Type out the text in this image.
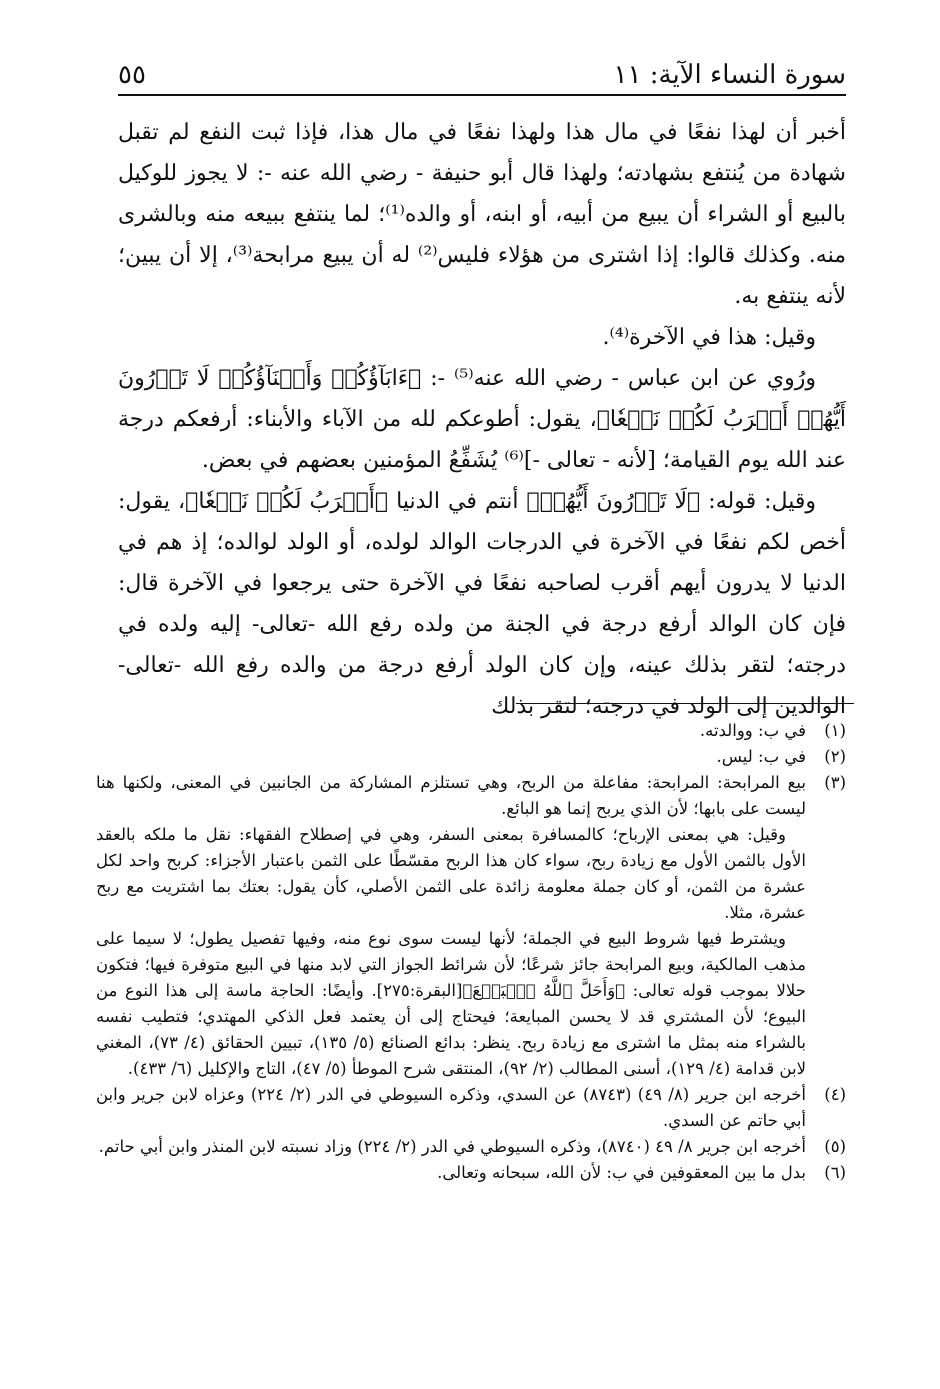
سورة النساء الآية: ١١
٥٥

أخبر أن لهذا نفعًا في مال هذا ولهذا نفعًا في مال هذا، فإذا ثبت النفع لم تقبل شهادة من يُنتفع بشهادته؛ ولهذا قال أبو حنيفة - رضي الله عنه -: لا يجوز للوكيل بالبيع أو الشراء أن يبيع من أبيه، أو ابنه، أو والده⁽¹⁾؛ لما ينتفع ببيعه منه وبالشرى منه. وكذلك قالوا: إذا اشترى من هؤلاء فليس⁽²⁾ له أن يبيع مرابحة⁽³⁾، إلا أن يبين؛ لأنه ينتفع به.

وقيل: هذا في الآخرة⁽⁴⁾.

ورُوي عن ابن عباس - رضي الله عنه⁽⁵⁾ -: ﴿ءَابَآؤُكُمۡ وَأَبۡنَآؤُكُمۡ لَا تَدۡرُونَ أَيُّهُمۡ أَقۡرَبُ لَكُمۡ نَفۡعٗا﴾، يقول: أطوعكم لله من الآباء والأبناء: أرفعكم درجة عند الله يوم القيامة؛ [لأنه - تعالى -]⁽⁶⁾ يُشَفِّعُ المؤمنين بعضهم في بعض.

وقيل: قوله: ﴿لَا تَدۡرُونَ أَيُّهُمۡ﴾ أنتم في الدنيا ﴿أَقۡرَبُ لَكُمۡ نَفۡعٗا﴾، يقول: أخص لكم نفعًا في الآخرة في الدرجات الوالد لولده، أو الولد لوالده؛ إذ هم في الدنيا لا يدرون أيهم أقرب لصاحبه نفعًا في الآخرة حتى يرجعوا في الآخرة قال: فإن كان الوالد أرفع درجة في الجنة من ولده رفع الله -تعالى- إليه ولده في درجته؛ لتقر بذلك عينه، وإن كان الولد أرفع درجة من والده رفع الله -تعالى- الوالدين إلى الولد في درجته؛ لتقر بذلك

(١)

في ب: ووالدته.

(٢)

في ب: ليس.

(٣)

بيع المرابحة: المرابحة: مفاعلة من الربح، وهي تستلزم المشاركة من الجانبين في المعنى، ولكنها هنا ليست على بابها؛ لأن الذي يربح إنما هو البائع.

وقيل: هي بمعنى الإرباح؛ كالمسافرة بمعنى السفر، وهي في إصطلاح الفقهاء: نقل ما ملكه بالعقد الأول بالثمن الأول مع زيادة ربح، سواء كان هذا الربح مقسّطًا على الثمن باعتبار الأجزاء: كربح واحد لكل عشرة من الثمن، أو كان جملة معلومة زائدة على الثمن الأصلي، كأن يقول: بعتك بما اشتريت مع ربح عشرة، مثلا.

ويشترط فيها شروط البيع في الجملة؛ لأنها ليست سوى نوع منه، وفيها تفصيل يطول؛ لا سيما على مذهب المالكية، وبيع المرابحة جائز شرعًا؛ لأن شرائط الجواز التي لابد منها في البيع متوفرة فيها؛ فتكون حلالا بموجب قوله تعالى: ﴿وَأَحَلَّ ٱللَّهُ ٱلۡبَيۡعَ﴾[البقرة:٢٧٥]. وأيضًا: الحاجة ماسة إلى هذا النوع من البيوع؛ لأن المشتري قد لا يحسن المبايعة؛ فيحتاج إلى أن يعتمد فعل الذكي المهتدي؛ فتطيب نفسه بالشراء منه بمثل ما اشترى مع زيادة ربح. ينظر: بدائع الصنائع (٥/ ١٣٥)، تبيين الحقائق (٤/ ٧٣)، المغني لابن قدامة (٤/ ١٢٩)، أسنى المطالب (٢/ ٩٢)، المنتقى شرح الموطأ (٥/ ٤٧)، التاج والإكليل (٦/ ٤٣٣).

(٤)

أخرجه ابن جرير (٨/ ٤٩) (٨٧٤٣) عن السدي، وذكره السيوطي في الدر (٢/ ٢٢٤) وعزاه لابن جرير وابن أبي حاتم عن السدي.

(٥)

أخرجه ابن جرير ٨/ ٤٩ (٨٧٤٠)، وذكره السيوطي في الدر (٢/ ٢٢٤) وزاد نسبته لابن المنذر وابن أبي حاتم.

(٦)

بدل ما بين المعقوفين في ب: لأن الله، سبحانه وتعالى.
